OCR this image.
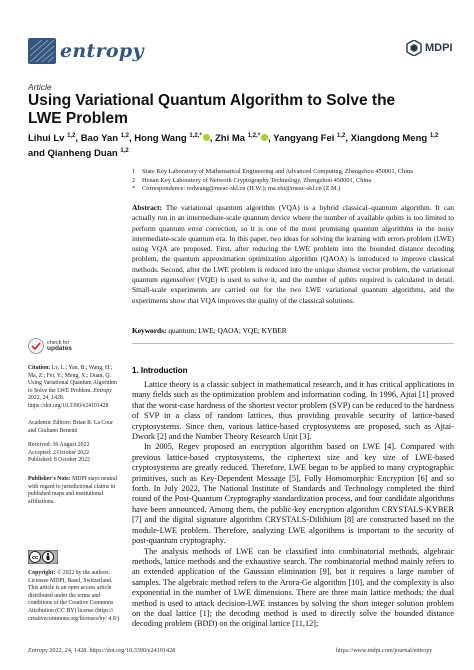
entropy	MDPI
Article
Using Variational Quantum Algorithm to Solve the LWE Problem
Lihui Lv $^{1,2}$, Bao Yan $^{1,2}$, Hong Wang $^{1,2,*}$ , Zhi Ma $^{1,2,*}$ , Yangyang Fei $^{1,2}$, Xiangdong Meng $^{1,2}$
and Qianheng Duan $^{1,2}$
1	State Key Laboratory of Mathematical Engineering and Advanced Computing, Zhengzhou 450001, China
2	Henan Key Laboratory of Network Cryptography Technology, Zhengzhou 450001, China
*	Correspondence: redwang@meac-skl.cn (H.W.); ma.zhi@meac-skl.cn (Z.M.)
Abstract: The variational quantum algorithm (VQA) is a hybrid classical–quantum algorithm. It can actually run in an intermediate-scale quantum device where the number of available qubits is too limited to perform quantum error correction, so it is one of the most promising quantum algorithms in the noisy intermediate-scale quantum era. In this paper, two ideas for solving the learning with errors problem (LWE) using VQA are proposed. First, after reducing the LWE problem into the bounded distance decoding problem, the quantum approximation optimization algorithm (QAOA) is introduced to improve classical methods. Second, after the LWE problem is reduced into the unique shortest vector problem, the variational quantum eigensolver (VQE) is used to solve it, and the number of qubits required is calculated in detail. Small-scale experiments are carried out for the two LWE variational quantum algorithms, and the experiments show that VQA improves the quality of the classical solutions.
Keywords: quantum; LWE; QAOA; VQE; KYBER
check for
updates
Citation: Lv, L.; Yan, B.; Wang, H.; Ma, Z.; Fei, Y.; Meng, X.; Duan, Q. Using Variational Quantum Algorithm to Solve the LWE Problem. Entropy 2022, 24, 1428. https://doi.org/10.3390/e24101428
Academic Editors: Brian R. La Cour and Giuliano Benenti
Received: 30 August 2022
Accepted: 2 October 2022
Published: 8 October 2022
Publisher's Note: MDPI stays neutral with regard to jurisdictional claims in published maps and institutional affiliations.
cc
Copyright: © 2022 by the authors. Licensee MDPI, Basel, Switzerland. This article is an open access article distributed under the terms and conditions of the Creative Commons Attribution (CC BY) license (https:// creativecommons.org/licenses/by/ 4.0/).
1. Introduction

Lattice theory is a classic subject in mathematical research, and it has critical applications in many fields such as the optimization problem and information coding. In 1996, Ajtai [1] proved that the worst-case hardness of the shortest vector problem (SVP) can be reduced to the hardness of SVP in a class of random lattices, thus providing provable security of lattice-based cryptosystems. Since then, various lattice-based cryptosystems are proposed, such as Ajtai-Dwork [2] and the Number Theory Research Unit [3].

In 2005, Regev proposed an encryption algorithm based on LWE [4]. Compared with previous lattice-based cryptosystems, the ciphertext size and key size of LWE-based cryptosystems are greatly reduced. Therefore, LWE began to be applied to many cryptographic primitives, such as Key-Dependent Message [5], Fully Homomorphic Encryption [6] and so forth. In July 2022, The National Institute of Standards and Technology completed the third round of the Post-Quantum Cryptography standardization process, and four candidate algorithms have been announced. Among them, the public-key encryption algorithm CRYSTALS-KYBER [7] and the digital signature algorithm CRYSTALS-Dilithium [8] are constructed based on the module-LWE problem. Therefore, analyzing LWE algorithms is important to the security of post-quantum cryptography.

The analysis methods of LWE can be classified into combinatorial methods, algebraic methods, lattice methods and the exhaustive search. The combinatorial method mainly refers to an extended application of the Gaussian elimination [9], but it requires a large number of samples. The algebraic method refers to the Arora-Ge algorithm [10], and the complexity is also exponential in the number of LWE dimensions. There are three main lattice methods: the dual method is used to attack decision-LWE instances by solving the short integer solution problem on the dual lattice [1]; the decoding method is used to directly solve the bounded distance decoding problem (BDD) on the original lattice [11,12];

Entropy 2022, 24, 1428. https://doi.org/10.3390/e24101428	https://www.mdpi.com/journal/entropy
